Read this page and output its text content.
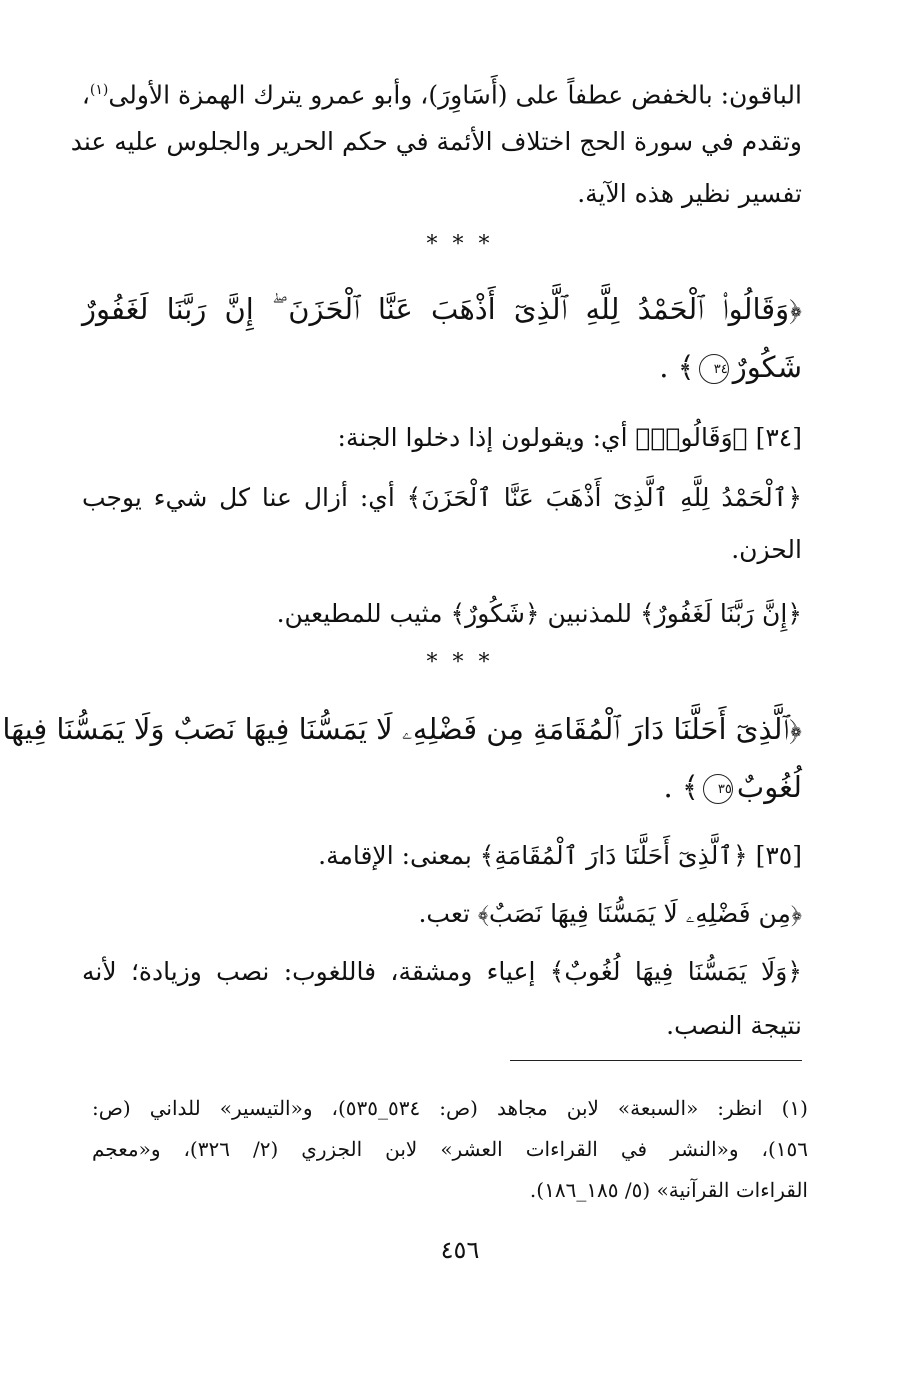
الباقون: بالخفض عطفاً على (أَسَاوِرَ)، وأبو عمرو يترك الهمزة الأولى$^{(١)}$،
وتقدم في سورة الحج اختلاف الأئمة في حكم الحرير والجلوس عليه عند
تفسير نظير هذه الآية.
* * *
﴿وَقَالُوا۟ ٱلْحَمْدُ لِلَّهِ ٱلَّذِىٓ أَذْهَبَ عَنَّا ٱلْحَزَنَ ۖ إِنَّ رَبَّنَا لَغَفُورٌ
شَكُورٌ٣٤﴾ .
[٣٤] ﴿وَقَالُوا۟﴾ أي: ويقولون إذا دخلوا الجنة:
﴿ٱلْحَمْدُ لِلَّهِ ٱلَّذِىٓ أَذْهَبَ عَنَّا ٱلْحَزَنَ﴾ أي: أزال عنا كل شيء يوجب
الحزن.
﴿إِنَّ رَبَّنَا لَغَفُورٌ﴾ للمذنبين ﴿شَكُورٌ﴾ مثيب للمطيعين.
* * *
﴿ٱلَّذِىٓ أَحَلَّنَا دَارَ ٱلْمُقَامَةِ مِن فَضْلِهِۦ لَا يَمَسُّنَا فِيهَا نَصَبٌ وَلَا يَمَسُّنَا فِيهَا
لُغُوبٌ٣٥﴾ .
[٣٥] ﴿ٱلَّذِىٓ أَحَلَّنَا دَارَ ٱلْمُقَامَةِ﴾ بمعنى: الإقامة.
﴿مِن فَضْلِهِۦ لَا يَمَسُّنَا فِيهَا نَصَبٌ﴾ تعب.
﴿وَلَا يَمَسُّنَا فِيهَا لُغُوبٌ﴾ إعياء ومشقة، فاللغوب: نصب وزيادة؛ لأنه
نتيجة النصب.
(١) انظر: «السبعة» لابن مجاهد (ص: ٥٣٤_٥٣٥)، و«التيسير» للداني (ص:
١٥٦)، و«النشر في القراءات العشر» لابن الجزري (٢/ ٣٢٦)، و«معجم
القراءات القرآنية» (٥/ ١٨٥_١٨٦).
٤٥٦
